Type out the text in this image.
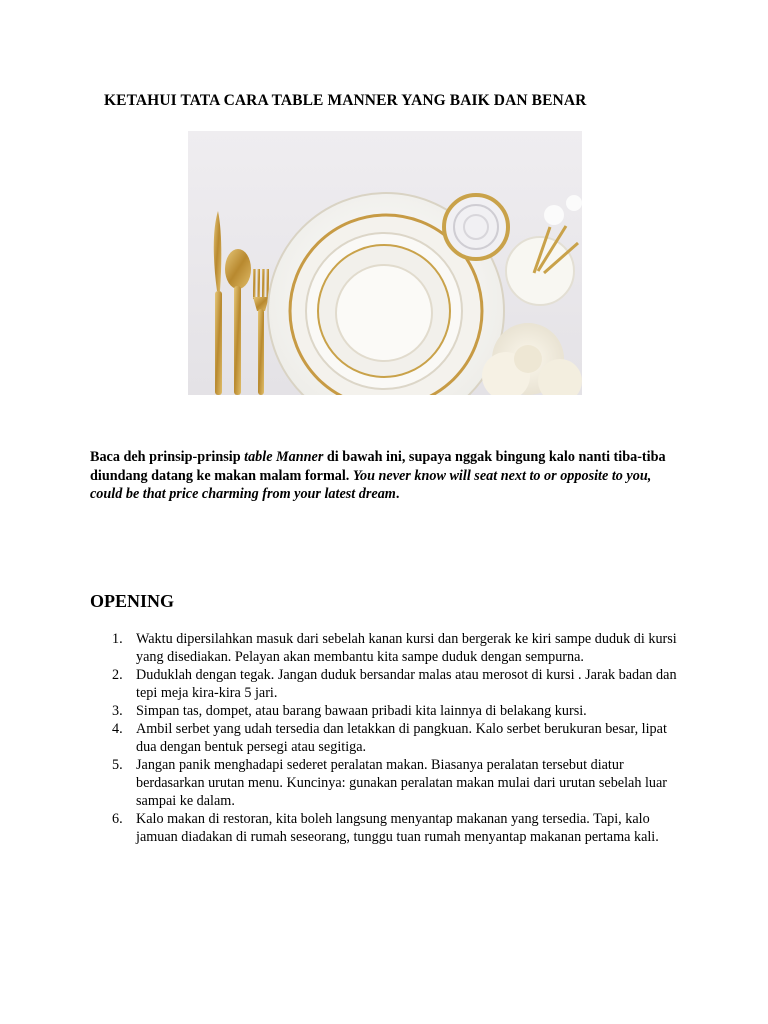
KETAHUI TATA CARA TABLE MANNER YANG BAIK DAN BENAR
Baca deh prinsip-prinsip table Manner di bawah ini, supaya nggak bingung kalo nanti tiba-tiba diundang datang ke makan malam formal. You never know will seat next to or opposite to you, could be that price charming from your latest dream.
OPENING
1. Waktu dipersilahkan masuk dari sebelah kanan kursi dan bergerak ke kiri sampe duduk di kursi yang disediakan. Pelayan akan membantu kita sampe duduk dengan sempurna.
2. Duduklah dengan tegak. Jangan duduk bersandar malas atau merosot di kursi . Jarak badan dan tepi meja kira-kira 5 jari.
3. Simpan tas, dompet, atau barang bawaan pribadi kita lainnya di belakang kursi.
4. Ambil serbet yang udah tersedia dan letakkan di pangkuan. Kalo serbet berukuran besar, lipat dua dengan bentuk persegi atau segitiga.
5. Jangan panik menghadapi sederet peralatan makan. Biasanya peralatan tersebut diatur berdasarkan urutan menu. Kuncinya: gunakan peralatan makan mulai dari urutan sebelah luar sampai ke dalam.
6. Kalo makan di restoran, kita boleh langsung menyantap makanan yang tersedia. Tapi, kalo jamuan diadakan di rumah seseorang, tunggu tuan rumah menyantap makanan pertama kali.
